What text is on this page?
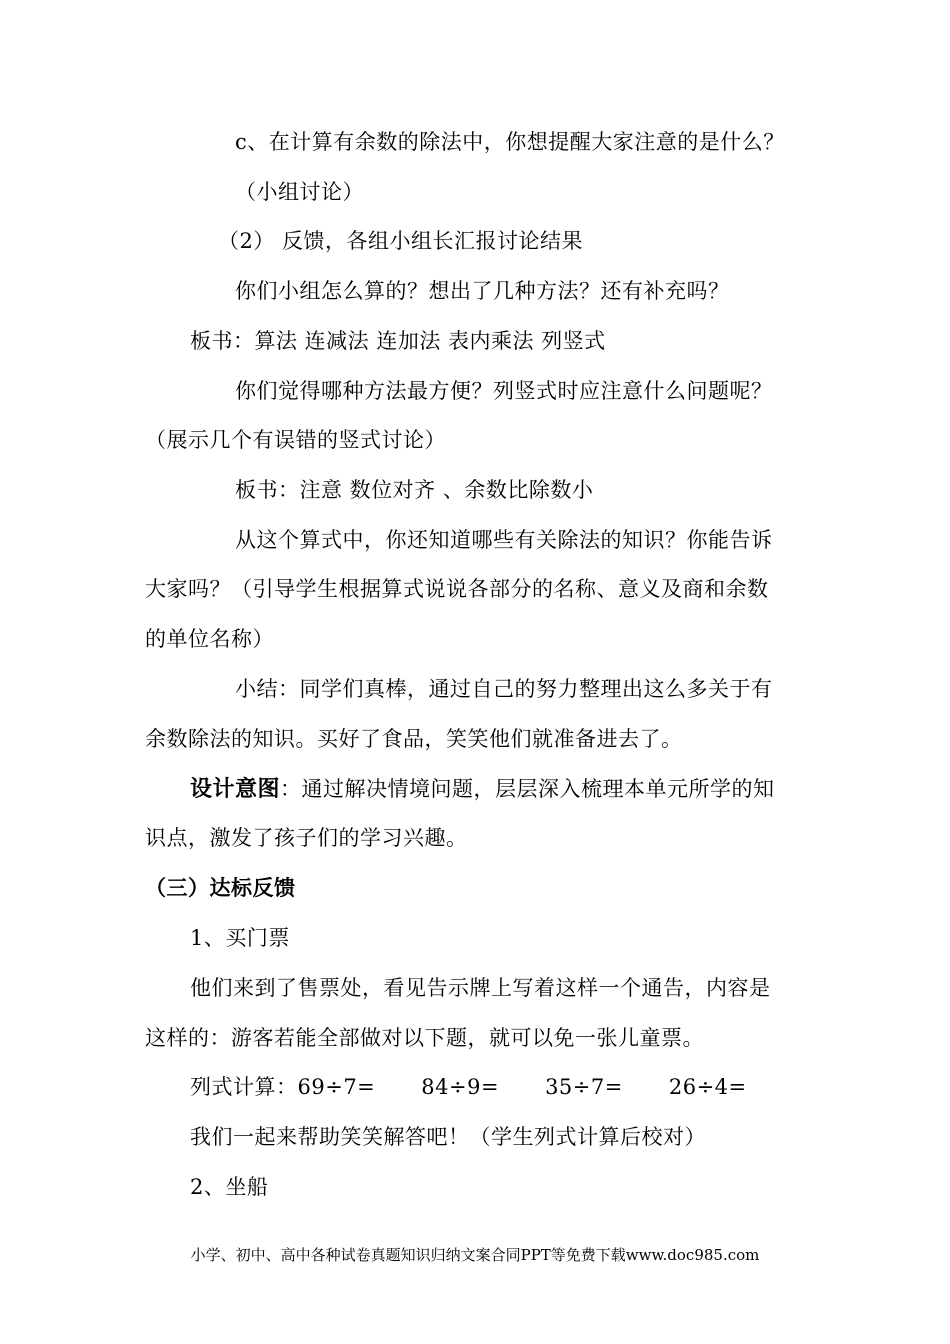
c、在计算有余数的除法中，你想提醒大家注意的是什么？
（小组讨论）
（2） 反馈，各组小组长汇报讨论结果
你们小组怎么算的？想出了几种方法？还有补充吗？
板书：算法 连减法 连加法 表内乘法 列竖式
你们觉得哪种方法最方便？列竖式时应注意什么问题呢？
（展示几个有误错的竖式讨论）
板书：注意 数位对齐 、余数比除数小
从这个算式中，你还知道哪些有关除法的知识？你能告诉
大家吗？（引导学生根据算式说说各部分的名称、意义及商和余数
的单位名称）
小结：同学们真棒，通过自己的努力整理出这么多关于有
余数除法的知识。买好了食品，笑笑他们就准备进去了。
设计意图：通过解决情境问题，层层深入梳理本单元所学的知
识点，激发了孩子们的学习兴趣。
（三）达标反馈
1、买门票
他们来到了售票处，看见告示牌上写着这样一个通告，内容是
这样的：游客若能全部做对以下题，就可以免一张儿童票。
列式计算：69÷7= 84÷9= 35÷7= 26÷4=
我们一起来帮助笑笑解答吧！（学生列式计算后校对）
2、坐船
小学、初中、高中各种试卷真题知识归纳文案合同PPT等免费下载www.doc985.com
